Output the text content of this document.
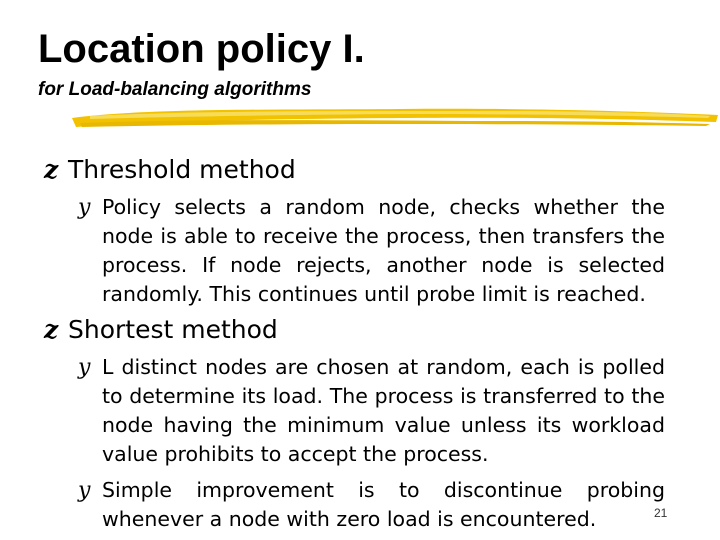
Location policy I.
for Load-balancing algorithms
z Threshold method
y Policy selects a random node, checks whether the node is able to receive the process, then transfers the process. If node rejects, another node is selected randomly. This continues until probe limit is reached.
z Shortest method
y L distinct nodes are chosen at random, each is polled to determine its load. The process is transferred to the node having the minimum value unless its workload value prohibits to accept the process.
y Simple improvement is to discontinue probing whenever a node with zero load is encountered.	21
